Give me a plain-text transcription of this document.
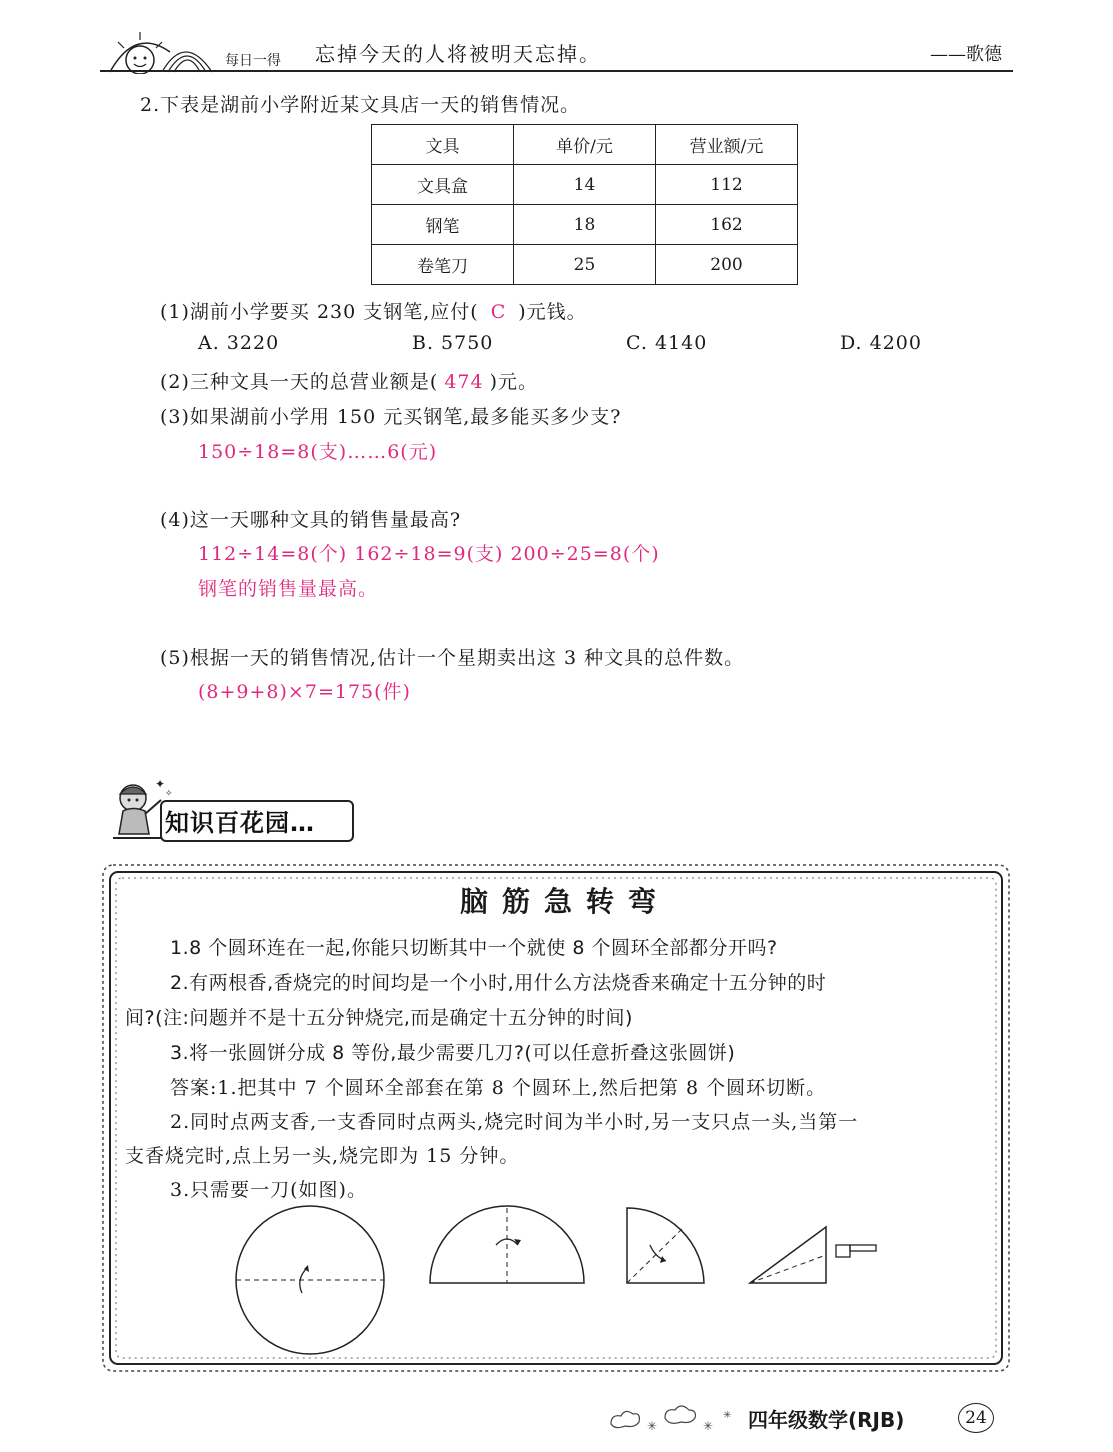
每日一得 忘掉今天的人将被明天忘掉。	——歌德
2.下表是湖前小学附近某文具店一天的销售情况。
文具	单价/元	营业额/元
文具盒	14	112
钢笔	18	162
卷笔刀	25	200
(1)湖前小学要买 230 支钢笔,应付( C )元钱。
A. 3220	B. 5750	C. 4140	D. 4200
(2)三种文具一天的总营业额是( 474 )元。
(3)如果湖前小学用 150 元买钢笔,最多能买多少支?
150÷18=8(支)……6(元)
(4)这一天哪种文具的销售量最高?
112÷14=8(个) 162÷18=9(支) 200÷25=8(个)
钢笔的销售量最高。
(5)根据一天的销售情况,估计一个星期卖出这 3 种文具的总件数。
(8+9+8)×7=175(件)
✦
✧
知识百花园…
脑筋急转弯
1.8 个圆环连在一起,你能只切断其中一个就使 8 个圆环全部都分开吗?
2.有两根香,香烧完的时间均是一个小时,用什么方法烧香来确定十五分钟的时
间?(注:问题并不是十五分钟烧完,而是确定十五分钟的时间)
3.将一张圆饼分成 8 等份,最少需要几刀?(可以任意折叠这张圆饼)
答案:1.把其中 7 个圆环全部套在第 8 个圆环上,然后把第 8 个圆环切断。
2.同时点两支香,一支香同时点两头,烧完时间为半小时,另一支只点一头,当第一
支香烧完时,点上另一头,烧完即为 15 分钟。
3.只需要一刀(如图)。
✳	✳
✳ 四年级数学(RJB)	24
